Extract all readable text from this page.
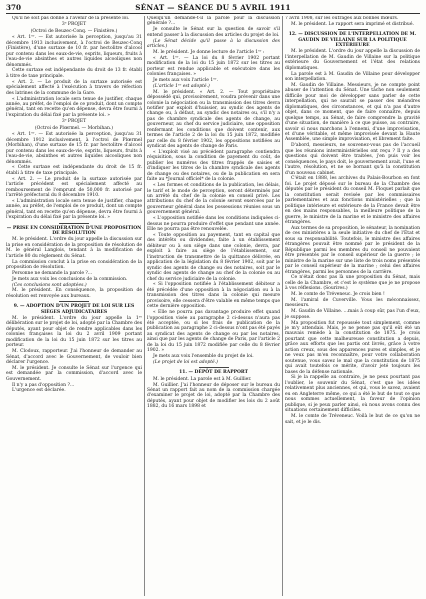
370	SÉNAT — SÉANCE DU 5 AVRIL 1911

Qu'il ne soit pas donné à l'avenir de la présente loi.

3ᵉ PROJET

(Octroi de Beuzec-Conq. — Finistère.)

« Art. 1ᵉʳ. — Est autorisée la perception, jusqu'au 31 décembre 1913 inclusivement, à l'octroi de Beuzec-Conq (Finistère), d'une surtaxe de 10 fr. par hectolitre d'alcool pur contenu dans les eaux-de-vie, esprits, liqueurs, fruits à l'eau-de-vie absinthes et autres liquides alcooliques non dénommés.

Cette surtaxe est indépendante du droit de 13 fr. établi à titre de taxe principale.

« Art. 2. — Le produit de la surtaxe autorisée est spécialement affecté à l'exécution à travers de réfection des latrines de la commune de la Gare.

« L'administration locale sera tenue de justifier, chaque année, au préfet, de l'emploi de ce produit, dont un compte général, tant en recette qu'en dépense, devra être fourni à l'expiration du délai fixé par la présente loi. »

3ᵉ PROJET

(Octroi de Plœrmel. — Morbihan.)

« Art. 1ᵉʳ. — Est autorisée la perception, jusqu'au 31 décembre 1912 inclusivement, à l'octroi de Plœrmel (Morbihan), d'une surtaxe de 15 fr. par hectolitre d'alcool pur contenu dans les eaux-de-vie, esprits, liqueurs, fruits à l'eau-de-vie, absinthes et autres liquides alcooliques non dénommés.

« Cette surtaxe est indépendante du droit de 15 fr. établi à titre de taxe principale.

« Art. 2. — Le produit de la surtaxe autorisée par l'article précédent est spécialement affecté au remboursement de l'emprunt de 50,000 fr. autorisé par l'arrêté préfectoral du 8 décembre 1910.

« L'administration locale sera tenue de justifier, chaque année, au préfet, de l'emploi de ce produit, dont un compte général, tant en recette qu'en dépense, devra être fourni à l'expiration du délai fixé par la présente loi. »

— PRISE EN CONSIDÉRATION D'UNE PROPOSITION DE RÉSOLUTION

M. le président. L'ordre du jour appelle la discussion sur la prise en considération de la proposition de résolution de M. le général Langlois, tendant à la modification de l'article 80 du règlement du Sénat.

La commission conclut à la prise en considération de la proposition de résolution.

Personne ne demande la parole ?...

Je mets aux voix les conclusions de la commission.

(Ces conclusions sont adoptées.)

M. le président. En conséquence, la proposition de résolution est renvoyée aux bureaux.

9. — ADOPTION D'UN PROJET DE LOI SUR LES SIÈGES ADJUDICATAIRES

M. le président. L'ordre du jour appelle la 1ʳᵉ délibération sur le projet de loi, adopté par la Chambre des députés, ayant pour objet de rendre applicables dans les colonies françaises la loi du 2 avril 1909 portant modification de la loi du 15 juin 1872 sur les titres au porteur.

M. Clodoux, rapporteur. J'ai l'honneur de demander au Sénat, d'accord avec le Gouvernement, de vouloir bien déclarer l'urgence.

M. le président. Je consulte le Sénat sur l'urgence qui est demandée par la commission, d'accord avec le Gouvernement.

Il n'y a pas d'opposition ?...

L'urgence est déclarée.

Quelqu'un demande-t-il la parole pour la discussion générale ?...

Je consulte le Sénat sur la question de savoir s'il entend passer à la discussion des articles du projet de loi.

(Le Sénat décide qu'il passe à la discussion des articles.)

M. le président. Je donne lecture de l'article 1ᵉʳ :

« Art. 1ᵉʳ. — La loi du 8 février 1902 portant modification de la loi du 15 juin 1872 sur les titres au porteur est rendue applicable et exécutoire dans les colonies françaises. »

Je mets aux voix l'article 1ᵉʳ.

(L'article 1ᵉʳ est adopté.)

M. le président. « Art. 2. — Tout propriétaire dépossédé qui, provisoirement, voudra prévenir dans une colonie la négociation ou la transmission des titres devra notifier par exploit d'huissier, au syndic des agents de change ou, à défaut, au syndic des notaires ou, s'il n'y a pas de chambre syndicale des agents de change, au gouverneur, au chef du service judiciaire, une opposition renfermant les conditions que doivent contenir, aux termes de l'article 2 de la loi du 15 juin 1872, modifiée par celle du 8 février 1902, les oppositions notifiées au syndicat des agents de change de Paris.

« L'exploit visé au précédent paragraphe contiendra réquisition, sous la condition de payement du coût, de publier les numéros des titres frappés de saisies et d'indiquer les titres de la chambre syndicale des agents de change ou des notaires, ou de la publication en sera faite au *Journal officiel* de la colonie.

« Les formes et conditions de la publication, les délais, le tarif et le mode de perception, seront déterminés par un arrêté du chef de la colonie en conseil privé. Les attributions du chef de la colonie seront exercées par le gouverneur général dans les possessions réunies sous un gouvernement général.

« L'opposition notifiée dans les conditions indiquées ci-dessus ne pourra produire d'effet que pendant une année. Elle ne pourra pas être renouvelée.

« Toute opposition au payement, tant en capital que des intérêts ou dividendes, faite à un établissement débiteur ou à son siège dans une colonie, devra, par exploit à faire au siège de l'établissement, sur l'instruction de transmettre de la quittance délivrée, en application de la législation du 8 février 1902, soit par le syndic des agents de change ou des notaires, soit par le syndic des agents de change au chef de la colonie ou au chef du service judiciaire de la colonie.

« Si l'opposition notifiée à l'établissement débiteur a été précédée d'une opposition à la négociation ou à la transmission des titres dans la colonie qui mesure provisoire, elle cessera d'être valable en même temps que cette dernière opposition.

« Elle ne pourra pas davantage produire effet quand l'opposition visée au paragraphe 2 ci-dessus n'aura pas été acceptée, ou si les frais de publication de la publication au paragraphe 2 ci-dessus n'ont pas été payés au syndicat des agents de change ou par les notaires, ainsi que par les agents de change de Paris, par l'article 2 de la loi du 15 juin 1872 modifiée par celle du 8 février 1902. »

Je mets aux voix l'ensemble du projet de loi.

(Le projet de loi est adopté.)

11. — DÉPÔT DE RAPPORT

M. le président. La parole est à M. Guillier.

M. Guillier. J'ai l'honneur de déposer sur le bureau du Sénat un rapport fait au nom de la commission chargée d'examiner le projet de loi, adopté par la Chambre des députés, ayant pour objet de modifier les lois du 2 août 1882, du 16 mars 1898 et

7 avril 1908, sur les outrages aux bonnes mœurs.

M. le président. Le rapport sera imprimé et distribué.

12. — DISCUSSION DE L'INTERPELLATION DE M. GAUDIN DE VILLAINE SUR LA POLITIQUE EXTÉRIEURE

M. le président. L'ordre du jour appelle la discussion de l'interpellation de M. Gaudin de Villaine sur la politique extérieure du Gouvernement et l'état des relations diplomatiques.

La parole est à M. Gaudin de Villaine pour développer son interpellation.

M. Gaudin de Villaine. Messieurs, je ne compte point abuser de l'attention du Sénat. Une tâche non seulement difficile pour moi de développer sans parler de cette interpellation, qui ne saurait se passer des méandres diplomatiques, des circonstances, et qui n'a pas d'autre objet, dans ce moment, que de faire connaître, depuis quelque temps, au Sénat, de faire comprendre la gravité d'une situation, de manière à ce que puisse, au contraire, savoir si nous marchons à l'ennemi, d'une improvisation, et d'une véritable, et même improvisée devant la Haute Assemblée, une simple improvisation, et librement faite.

D'abord, messieurs, ne souvenez-vous pas de l'accueil que les réunions interministérielles ont reçu ? Il y a des questions qui doivent être traitées, j'en puis voir les conséquences, le pays doit, le gouvernement avait, l'une et l'autre, résolution, et ne se bornant qu'à la constitution d'un nouveau cabinet.

C'était en 1888, les archives du Palais-Bourbon en font foi. Le projet déposé sur le bureau de la Chambre des députés par le président du conseil M. Floquet parlait que la constitution serait revisée par les commissaires parlementaires et aux fonctions ministérielles ; que la politique intérieure et extérieure de la France devait être en des mains responsables, la meilleure politique de la guerre, le ministre de la marine et le ministre des affaires étrangères.

Aux termes de sa proposition, le sénateur, la nomination de ces ministères a la seule initiative du chef de l'État et sous sa responsabilité. Toutefois, le ministre des affaires étrangères pouvait être nommé par le président de la République parmi les membres du conseil ne pouvaient être présentés par le conseil supérieur de la guerre ; le ministre de la marine sur une liste de trois noms présentés par le conseil supérieur de la marine ; celui des affaires étrangères, parmi les personnes de la carrière.

Ce n'était donc pas là une proposition du Sénat, mais celle de la Chambre, et c'est le système que je ne propose à vos réflexions. (Sourires.)

M. le comte de Tréveneuc. Je crois bien !

M. l'amiral de Cuverville. Vous les méconnaissez, messieurs.

M. Gaudin de Villaine. ...mais à coup sûr, pas l'un d'eux, je suppose.

Ma proposition fut repoussée tout simplement, comme je m'y attendais. Mais, je ne pense pas qu'il eût été un mauvais remède à la constitution de 1875. Je crois pourtant que cette malheureuse constitution a depuis, grâce aux efforts que les partis ont livrés, grâce à votre action creux, sous des apparences pures et simples, et je ne veux pas m'en reconnaître, pour votre collaboration soutenue, vous savez le mal que la constitution de 1875 qui avait toutefois ce mérite, d'avoir jeté toujours les bases de la défense nationale.

Si je la rappelle au contraire, je ne peux pourtant pas l'oublier, le souvenir du Sénat, c'est que les idées relativement plus anciennes, et qui, vous le savez, avaient eu en Angleterre même, ce qui a été le but de tout ce que nous sommes actuellement, la faveur de l'opinion publique, si je peux parler ainsi, où nous avons connu des situations certainement difficiles.

M. le comte de Tréveneuc. Voilà le but de ce qu'on ne sait, et je le dis.
